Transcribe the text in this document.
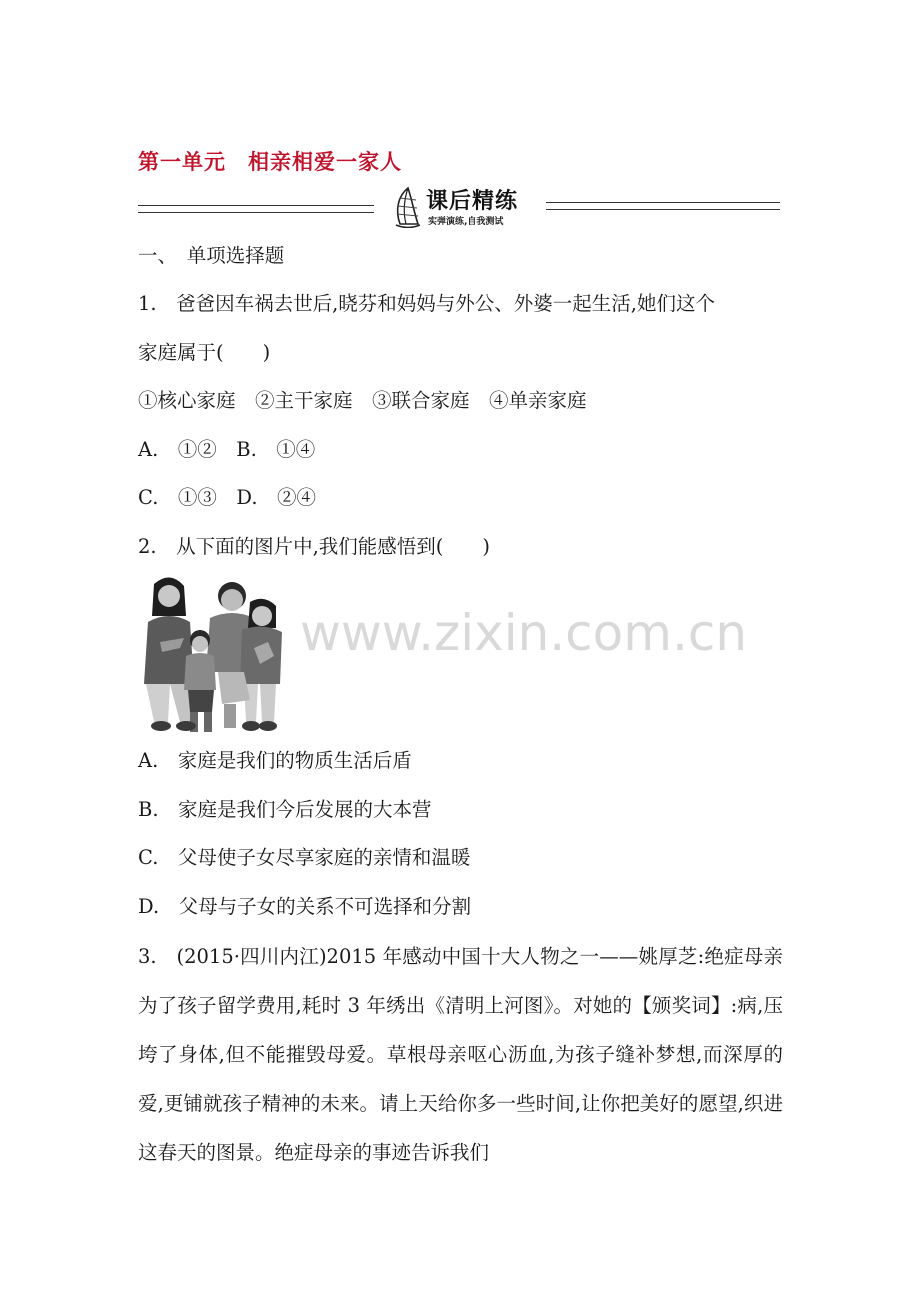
第一单元　相亲相爱一家人
课后精练
实弹演练,自我测试
一、　单项选择题
1.　爸爸因车祸去世后,晓芬和妈妈与外公、外婆一起生活,她们这个
家庭属于(　　)
①核心家庭　②主干家庭　③联合家庭　④单亲家庭
A.　①②　B.　①④
C.　①③　D.　②④
2.　从下面的图片中,我们能感悟到(　　)
www.zixin.com.cn
A.　家庭是我们的物质生活后盾
B.　家庭是我们今后发展的大本营
C.　父母使子女尽享家庭的亲情和温暖
D.　父母与子女的关系不可选择和分割
3.　(2015·四川内江)2015 年感动中国十大人物之一——姚厚芝:绝症母亲为了孩子留学费用,耗时 3 年绣出《清明上河图》。对她的【颁奖词】:病,压垮了身体,但不能摧毁母爱。草根母亲呕心沥血,为孩子缝补梦想,而深厚的爱,更铺就孩子精神的未来。请上天给你多一些时间,让你把美好的愿望,织进这春天的图景。绝症母亲的事迹告诉我们
